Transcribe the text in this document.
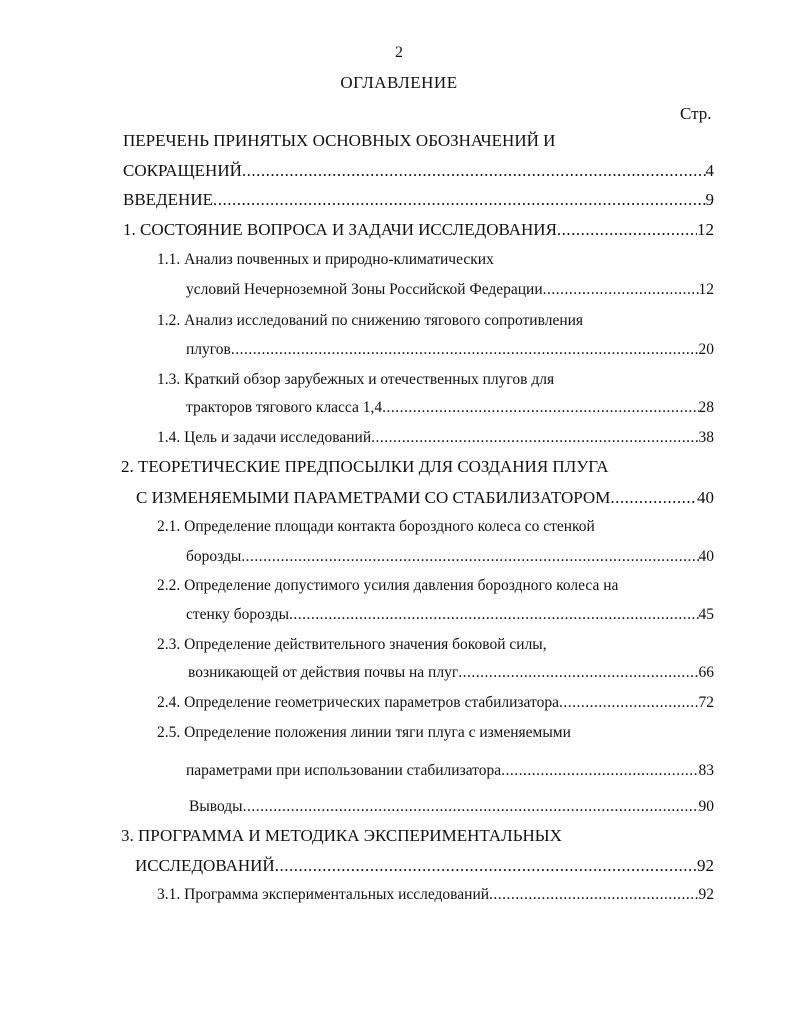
2
ОГЛАВЛЕНИЕ
Стр.
ПЕРЕЧЕНЬ ПРИНЯТЫХ ОСНОВНЫХ ОБОЗНАЧЕНИЙ И
СОКРАЩЕНИЙ .....	4
ВВЕДЕНИЕ .....	9
1. СОСТОЯНИЕ ВОПРОСА И ЗАДАЧИ ИССЛЕДОВАНИЯ .....	12
1.1. Анализ почвенных и природно-климатических
условий Нечерноземной Зоны Российской Федерации .....	12
1.2. Анализ исследований по снижению тягового сопротивления
плугов .....	20
1.3. Краткий обзор зарубежных и отечественных плугов для
тракторов тягового класса 1,4 .....	28
1.4. Цель и задачи исследований .....	38
2. ТЕОРЕТИЧЕСКИЕ ПРЕДПОСЫЛКИ ДЛЯ СОЗДАНИЯ ПЛУГА
С ИЗМЕНЯЕМЫМИ ПАРАМЕТРАМИ СО СТАБИЛИЗАТОРОМ .....	40
2.1. Определение площади контакта бороздного колеса со стенкой
борозды .....	40
2.2. Определение допустимого усилия давления бороздного колеса на
стенку борозды .....	45
2.3. Определение действительного значения боковой силы,
возникающей от действия почвы на плуг .....	66
2.4. Определение геометрических параметров стабилизатора .....	72
2.5. Определение положения линии тяги плуга с изменяемыми
параметрами при использовании стабилизатора .....	83
Выводы .....	90
3. ПРОГРАММА И МЕТОДИКА ЭКСПЕРИМЕНТАЛЬНЫХ
ИССЛЕДОВАНИЙ .....	92
3.1. Программа экспериментальных исследований .....	92
